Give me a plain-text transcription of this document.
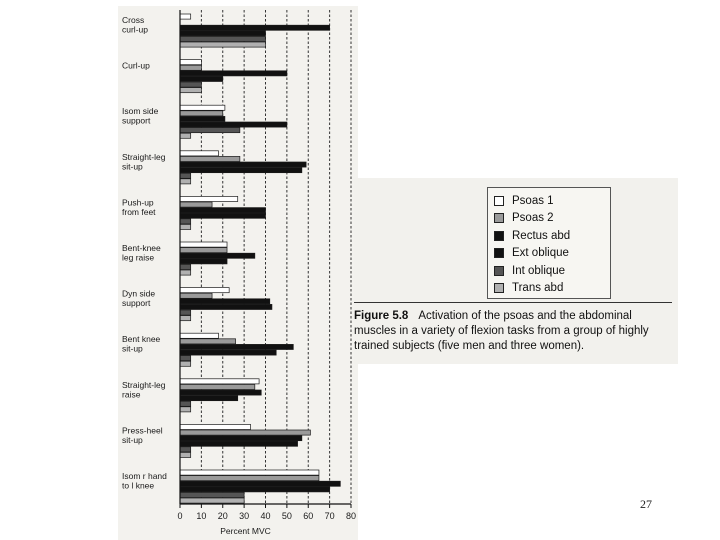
0 10 20 30 40 50 60 70 80
Cross
curl-up
Curl-up
Isom side
support
Straight-leg
sit-up
Push-up
from feet
Bent-knee
leg raise
Dyn side
support
Bent knee
sit-up
Straight-leg
raise
Press-heel
sit-up
Isom r hand
to l knee
Percent MVC
Psoas 1
Psoas 2
Rectus abd
Ext oblique
Int oblique
Trans abd
Figure 5.8 Activation of the psoas and the abdominal muscles in a variety of flexion tasks from a group of highly trained subjects (five men and three women).
27
